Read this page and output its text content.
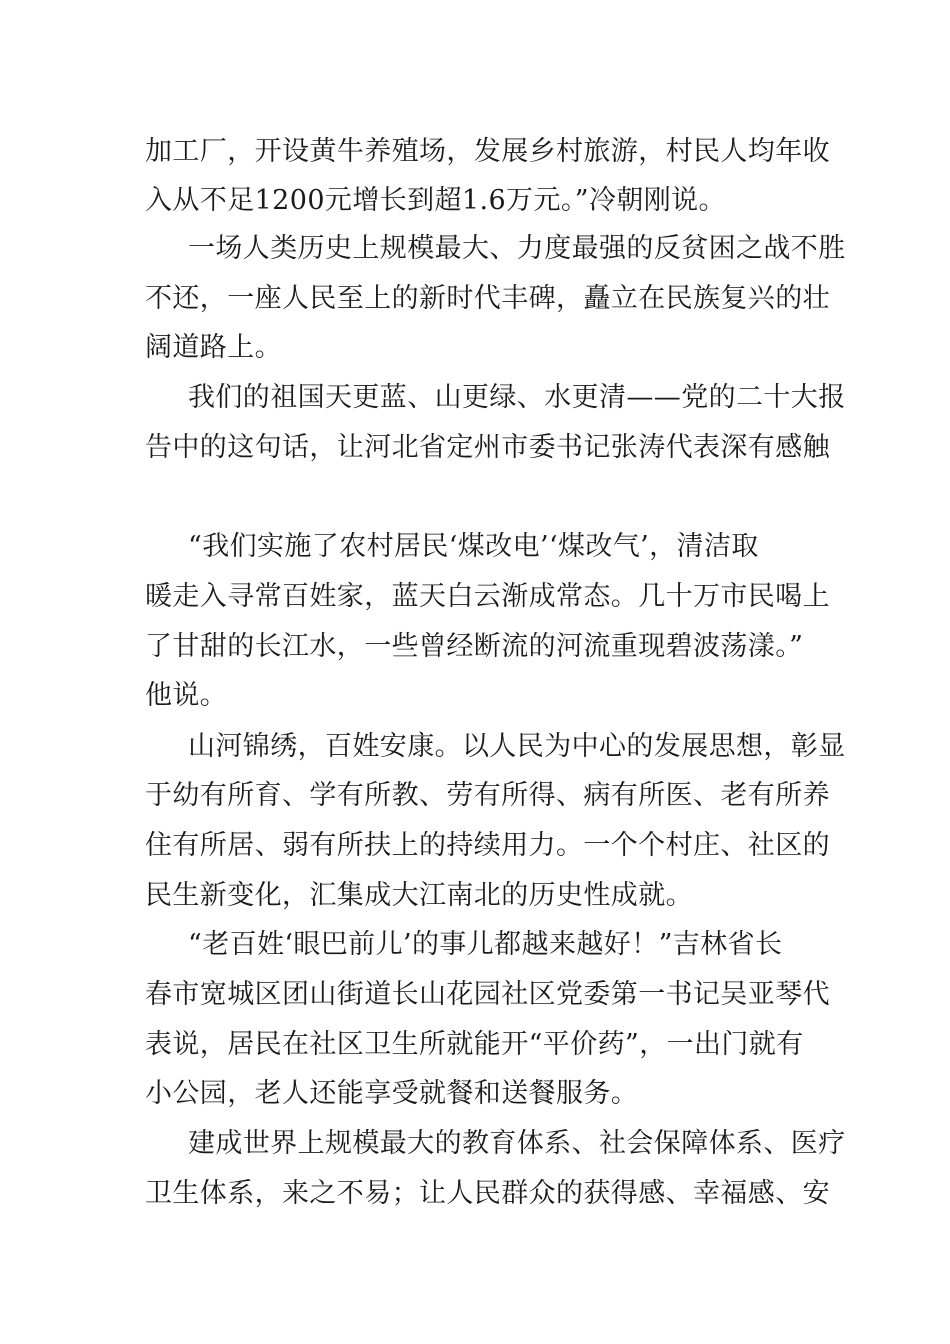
加工厂，开设黄牛养殖场，发展乡村旅游，村民人均年收
入从不足1200元增长到超1.6万元。”冷朝刚说。
一场人类历史上规模最大、力度最强的反贫困之战不胜
不还，一座人民至上的新时代丰碑，矗立在民族复兴的壮
阔道路上。
我们的祖国天更蓝、山更绿、水更清——党的二十大报
告中的这句话，让河北省定州市委书记张涛代表深有感触
“我们实施了农村居民‘煤改电’‘煤改气’，清洁取
暖走入寻常百姓家，蓝天白云渐成常态。几十万市民喝上
了甘甜的长江水，一些曾经断流的河流重现碧波荡漾。”
他说。
山河锦绣，百姓安康。以人民为中心的发展思想，彰显
于幼有所育、学有所教、劳有所得、病有所医、老有所养
住有所居、弱有所扶上的持续用力。一个个村庄、社区的
民生新变化，汇集成大江南北的历史性成就。
“老百姓‘眼巴前儿’的事儿都越来越好！”吉林省长
春市宽城区团山街道长山花园社区党委第一书记吴亚琴代
表说，居民在社区卫生所就能开“平价药”，一出门就有
小公园，老人还能享受就餐和送餐服务。
建成世界上规模最大的教育体系、社会保障体系、医疗
卫生体系，来之不易；让人民群众的获得感、幸福感、安
